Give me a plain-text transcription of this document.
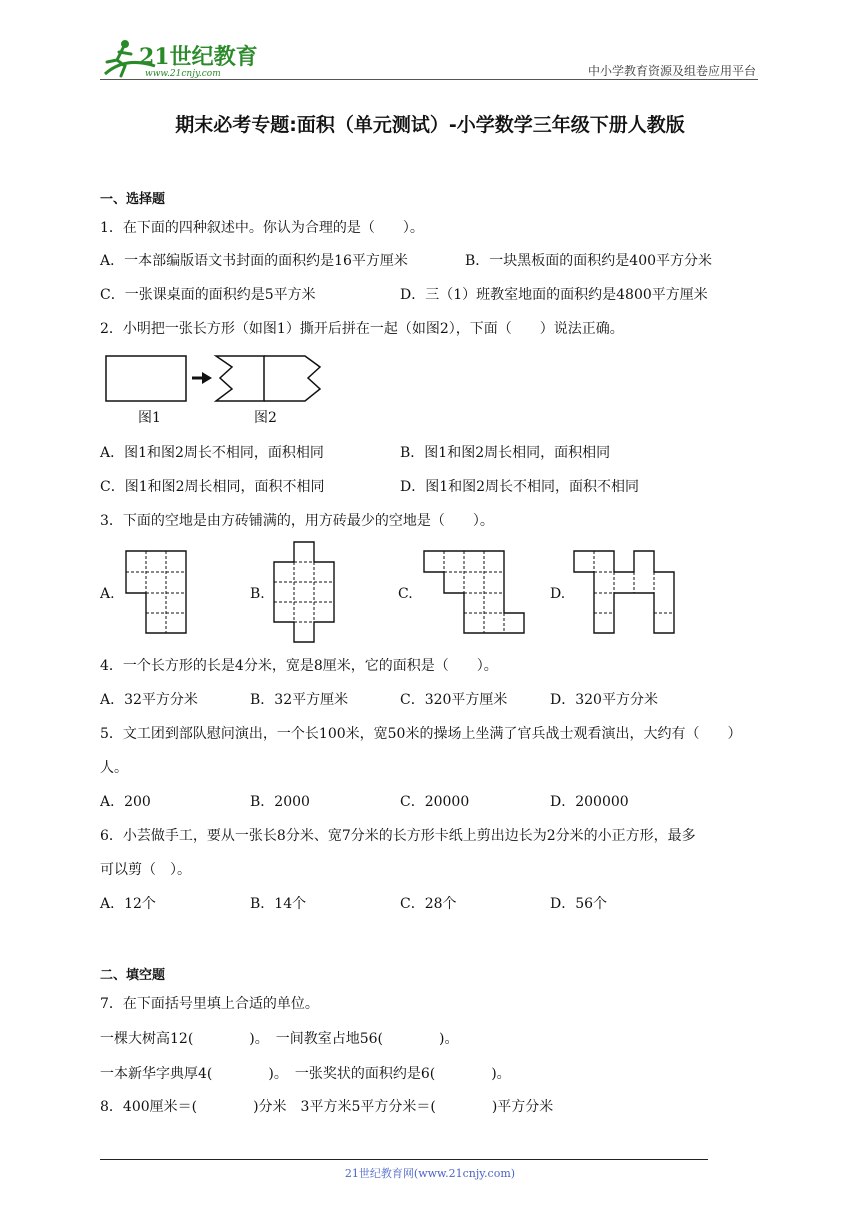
21世纪教育
www.21cnjy.com	中小学教育资源及组卷应用平台
期末必考专题:面积（单元测试）-小学数学三年级下册人教版
一、选择题
1．在下面的四种叙述中。你认为合理的是（　　）。
A．一本部编版语文书封面的面积约是16平方厘米	B．一块黑板面的面积约是400平方分米
C．一张课桌面的面积约是5平方米	D．三（1）班教室地面的面积约是4800平方厘米
2．小明把一张长方形（如图1）撕开后拼在一起（如图2），下面（　　）说法正确。
图1	图2
A．图1和图2周长不相同，面积相同	B．图1和图2周长相同，面积相同
C．图1和图2周长相同，面积不相同	D．图1和图2周长不相同，面积不相同
3．下面的空地是由方砖铺满的，用方砖最少的空地是（　　）。
A.	B.	C.	D.
4．一个长方形的长是4分米，宽是8厘米，它的面积是（　　）。
A．32平方分米	B．32平方厘米	C．320平方厘米	D．320平方分米
5．文工团到部队慰问演出，一个长100米，宽50米的操场上坐满了官兵战士观看演出，大约有（　　）
人。
A．200	B．2000	C．20000	D．200000
6．小芸做手工，要从一张长8分米、宽7分米的长方形卡纸上剪出边长为2分米的小正方形，最多
可以剪（　）。
A．12个	B．14个	C．28个	D．56个
二、填空题
7．在下面括号里填上合适的单位。
一棵大树高12(　　　　)。　一间教室占地56(　　　　)。
一本新华字典厚4(　　　　)。　一张奖状的面积约是6(　　　　)。
8．400厘米＝(　　　　)分米　3平方米5平方分米＝(　　　　)平方分米
21世纪教育网(www.21cnjy.com)
